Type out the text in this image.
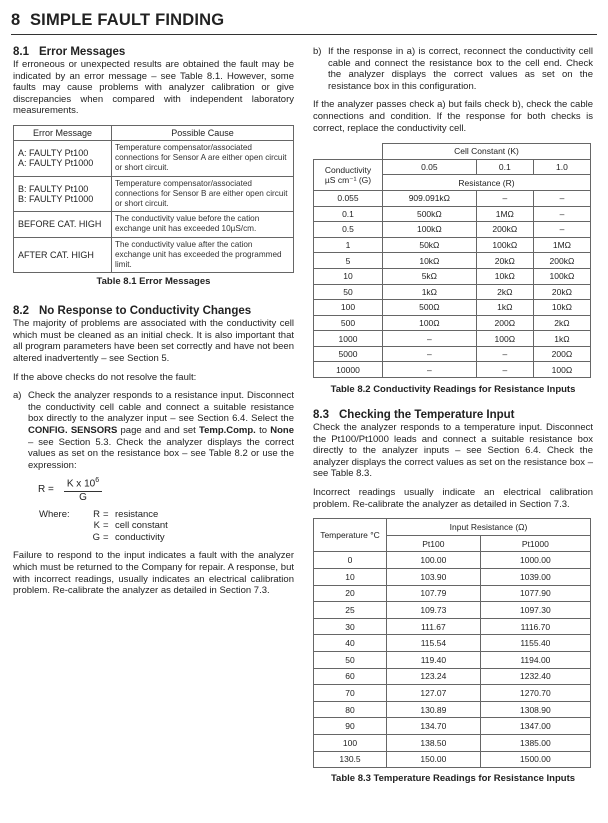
8 SIMPLE FAULT FINDING
8.1 Error Messages

If erroneous or unexpected results are obtained the fault may be indicated by an error message – see Table 8.1. However, some faults may cause problems with analyzer calibration or give discrepancies when compared with independent laboratory measurements.

Error Message	Possible Cause
A: FAULTY Pt100
A: FAULTY Pt1000	Temperature compensator/associated connections for Sensor A are either open circuit or short circuit.
B: FAULTY Pt100
B: FAULTY Pt1000	Temperature compensator/associated connections for Sensor B are either open circuit or short circuit.
BEFORE CAT. HIGH	The conductivity value before the cation exchange unit has exceeded 10µS/cm.
AFTER CAT. HIGH	The conductivity value after the cation exchange unit has exceeded the programmed limit.
Table 8.1 Error Messages
8.2 No Response to Conductivity Changes

The majority of problems are associated with the conductivity cell which must be cleaned as an initial check. It is also important that all program parameters have been set correctly and have not been altered inadvertently – see Section 5.

If the above checks do not resolve the fault:

a) Check the analyzer responds to a resistance input. Disconnect the conductivity cell cable and connect a suitable resistance box directly to the analyzer input – see Section 6.4. Select the CONFIG. SENSORS page and and set Temp.Comp. to None – see Section 5.3. Check the analyzer displays the correct values as set on the resistance box – see Table 8.2 or use the expression:

$R = \frac{K x 10^6}{G}$
Where:	R = resistance
K = cell constant
G = conductivity

Failure to respond to the input indicates a fault with the analyzer which must be returned to the Company for repair. A response, but with incorrect readings, usually indicates an electrical calibration problem. Re-calibrate the analyzer as detailed in Section 7.3.

b) If the response in a) is correct, reconnect the conductivity cell cable and connect the resistance box to the cell end. Check the analyzer displays the correct values as set on the resistance box in this configuration.

If the analyzer passes check a) but fails check b), check the cable connections and condition. If the response for both checks is correct, replace the conductivity cell.

	Cell Constant (K)		
Conductivity
µS cm⁻¹ (G)	0.05	0.1	1.0
	Resistance (R)		
0.055	909.091kΩ	–	–
0.1	500kΩ	1MΩ	–
0.5	100kΩ	200kΩ	–
1	50kΩ	100kΩ	1MΩ
5	10kΩ	20kΩ	200kΩ
10	5kΩ	10kΩ	100kΩ
50	1kΩ	2kΩ	20kΩ
100	500Ω	1kΩ	10kΩ
500	100Ω	200Ω	2kΩ
1000	–	100Ω	1kΩ
5000	–	–	200Ω
10000	–	–	100Ω
Table 8.2 Conductivity Readings for Resistance Inputs
8.3 Checking the Temperature Input

Check the analyzer responds to a temperature input. Disconnect the Pt100/Pt1000 leads and connect a suitable resistance box directly to the analyzer inputs – see Section 6.4. Check the analyzer displays the correct values as set on the resistance box – see Table 8.3.

Incorrect readings usually indicate an electrical calibration problem. Re-calibrate the analyzer as detailed in Section 7.3.

Temperature °C	Input Resistance (Ω)	
	Pt100	Pt1000
0	100.00	1000.00
10	103.90	1039.00
20	107.79	1077.90
25	109.73	1097.30
30	111.67	1116.70
40	115.54	1155.40
50	119.40	1194.00
60	123.24	1232.40
70	127.07	1270.70
80	130.89	1308.90
90	134.70	1347.00
100	138.50	1385.00
130.5	150.00	1500.00
Table 8.3 Temperature Readings for Resistance Inputs
